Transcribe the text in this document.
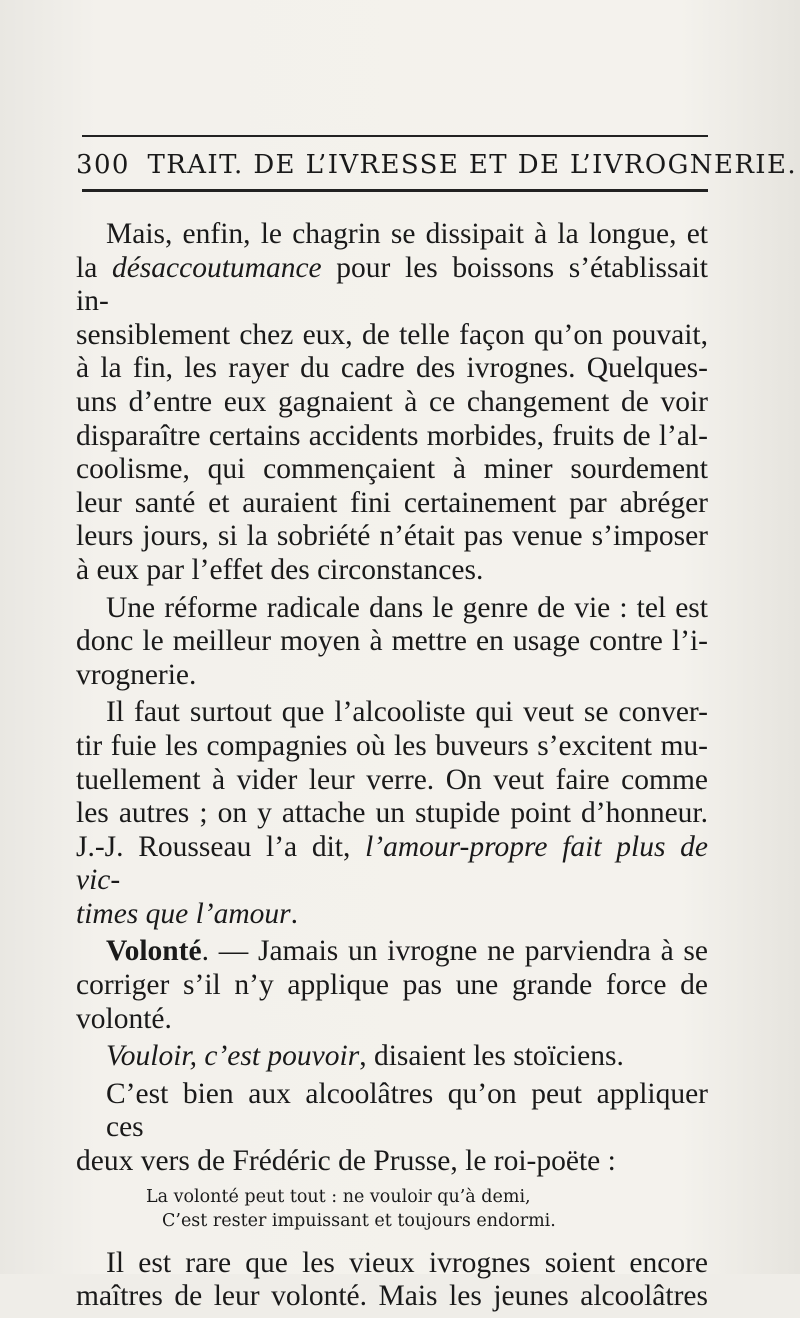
300 TRAIT. DE L’IVRESSE ET DE L’IVROGNERIE.
Mais, enfin, le chagrin se dissipait à la longue, et
la désaccoutumance pour les boissons s’établissait in-
sensiblement chez eux, de telle façon qu’on pouvait,
à la fin, les rayer du cadre des ivrognes. Quelques-
uns d’entre eux gagnaient à ce changement de voir
disparaître certains accidents morbides, fruits de l’al-
coolisme, qui commençaient à miner sourdement
leur santé et auraient fini certainement par abréger
leurs jours, si la sobriété n’était pas venue s’imposer
à eux par l’effet des circonstances.
Une réforme radicale dans le genre de vie : tel est
donc le meilleur moyen à mettre en usage contre l’i-
vrognerie.
Il faut surtout que l’alcooliste qui veut se conver-
tir fuie les compagnies où les buveurs s’excitent mu-
tuellement à vider leur verre. On veut faire comme
les autres ; on y attache un stupide point d’honneur.
J.-J. Rousseau l’a dit, l’amour-propre fait plus de vic-
times que l’amour.
Volonté. — Jamais un ivrogne ne parviendra à se
corriger s’il n’y applique pas une grande force de
volonté.
Vouloir, c’est pouvoir, disaient les stoïciens.
C’est bien aux alcoolâtres qu’on peut appliquer ces
deux vers de Frédéric de Prusse, le roi-poëte :
La volonté peut tout : ne vouloir qu’à demi,
C’est rester impuissant et toujours endormi.
Il est rare que les vieux ivrognes soient encore
maîtres de leur volonté. Mais les jeunes alcoolâtres
